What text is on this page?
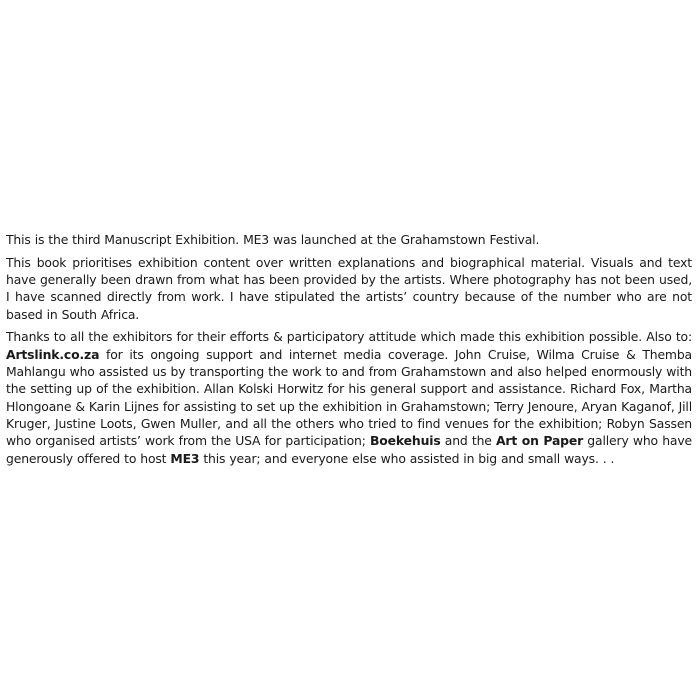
This is the third Manuscript Exhibition. ME3 was launched at the Grahamstown Festival.

This book prioritises exhibition content over written explanations and biographical material. Visuals and text have generally been drawn from what has been provided by the artists. Where photography has not been used, I have scanned directly from work. I have stipulated the artists’ country because of the number who are not based in South Africa.

Thanks to all the exhibitors for their efforts & participatory attitude which made this exhibition possible. Also to: Artslink.co.za for its ongoing support and internet media coverage. John Cruise, Wilma Cruise & Themba Mahlangu who assisted us by transporting the work to and from Grahamstown and also helped enormously with the setting up of the exhibition. Allan Kolski Horwitz for his general support and assistance. Richard Fox, Martha Hlongoane & Karin Lijnes for assisting to set up the exhibition in Grahamstown; Terry Jenoure, Aryan Kaganof, Jill Kruger, Justine Loots, Gwen Muller, and all the others who tried to find venues for the exhibition; Robyn Sassen who organised artists’ work from the USA for participation; Boekehuis and the Art on Paper gallery who have generously offered to host ME3 this year; and everyone else who assisted in big and small ways. . .
